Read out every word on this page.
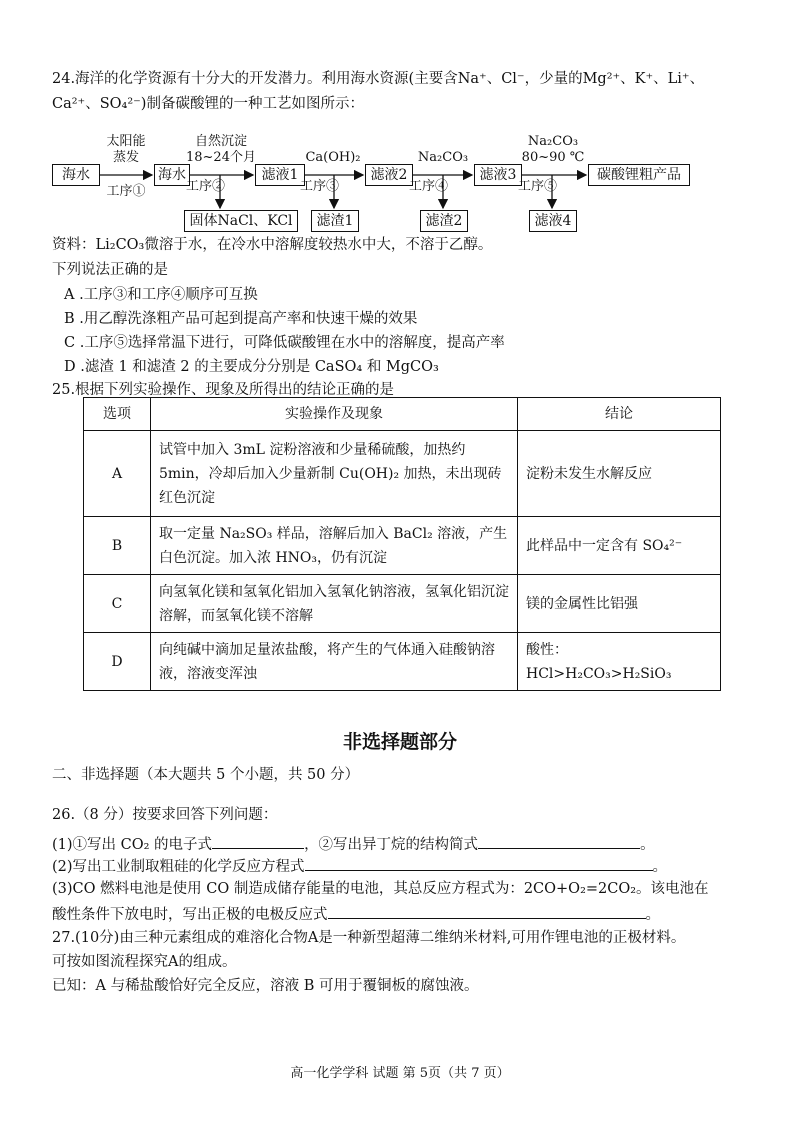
24.海洋的化学资源有十分大的开发潜力。利用海水资源(主要含Na⁺、Cl⁻，少量的Mg²⁺、K⁺、Li⁺、
Ca²⁺、SO₄²⁻)制备碳酸锂的一种工艺如图所示：
海水	海水	滤液1	滤液2	滤液3	碳酸锂粗产品
固体NaCl、KCl	滤渣1	滤渣2	滤液4
太阳能
蒸发
自然沉淀
18~24个月	Ca(OH)₂	Na₂CO₃
Na₂CO₃
80~90 ℃
工序①	工序②	工序③	工序④	工序⑤
资料：Li₂CO₃微溶于水，在冷水中溶解度较热水中大，不溶于乙醇。
下列说法正确的是
A .工序③和工序④顺序可互换
B .用乙醇洗涤粗产品可起到提高产率和快速干燥的效果
C .工序⑤选择常温下进行，可降低碳酸锂在水中的溶解度，提高产率
D .滤渣 1 和滤渣 2 的主要成分分别是 CaSO₄ 和 MgCO₃
25.根据下列实验操作、现象及所得出的结论正确的是
选项	实验操作及现象	结论
A	试管中加入 3mL 淀粉溶液和少量稀硫酸，加热约 5min，冷却后加入少量新制 Cu(OH)₂ 加热，未出现砖红色沉淀	淀粉未发生水解反应
B	取一定量 Na₂SO₃ 样品，溶解后加入 BaCl₂ 溶液，产生白色沉淀。加入浓 HNO₃，仍有沉淀	此样品中一定含有 SO₄²⁻
C	向氢氧化镁和氢氧化铝加入氢氧化钠溶液，氢氧化铝沉淀溶解，而氢氧化镁不溶解	镁的金属性比铝强
D	向纯碱中滴加足量浓盐酸，将产生的气体通入硅酸钠溶液，溶液变浑浊	酸性：HCl>H₂CO₃>H₂SiO₃
非选择题部分
二、非选择题（本大题共 5 个小题，共 50 分）
26.（8 分）按要求回答下列问题：
(1)①写出 CO₂ 的电子式	，②写出异丁烷的结构简式	。
(2)写出工业制取粗硅的化学反应方程式	。
(3)CO 燃料电池是使用 CO 制造成储存能量的电池，其总反应方程式为：2CO+O₂=2CO₂。该电池在
酸性条件下放电时，写出正极的电极反应式	。
27.(10分)由三种元素组成的难溶化合物A是一种新型超薄二维纳米材料,可用作锂电池的正极材料。
可按如图流程探究A的组成。
已知：A 与稀盐酸恰好完全反应，溶液 B 可用于覆铜板的腐蚀液。
高一化学学科 试题 第 5页（共 7 页）
